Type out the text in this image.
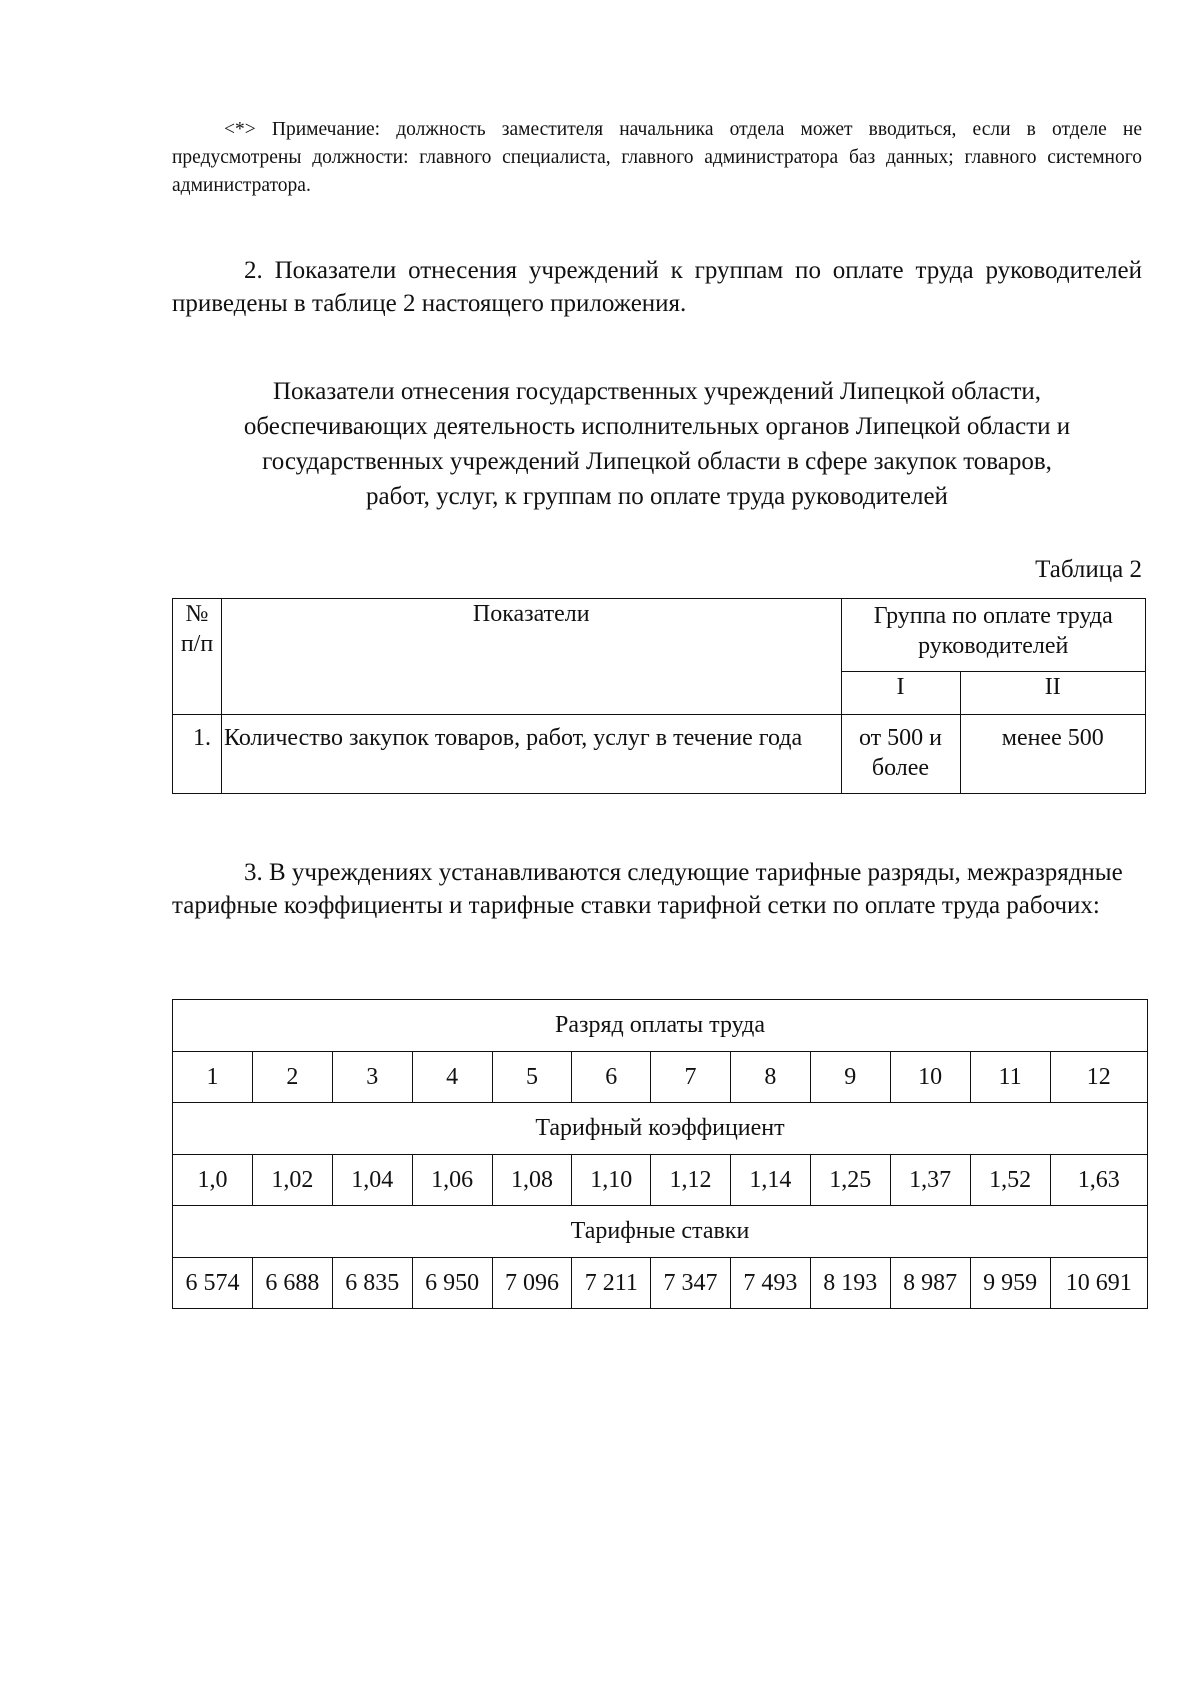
<*> Примечание: должность заместителя начальника отдела может вводиться, если в отделе не предусмотрены должности: главного специалиста, главного администратора баз данных; главного системного администратора.

2. Показатели отнесения учреждений к группам по оплате труда руководителей приведены в таблице 2 настоящего приложения.

Показатели отнесения государственных учреждений Липецкой области,
обеспечивающих деятельность исполнительных органов Липецкой области и
государственных учреждений Липецкой области в сфере закупок товаров,
работ, услуг, к группам по оплате труда руководителей
Таблица 2
№ п/п	Показатели	Группа по оплате труда руководителей	
		I	II
1.	Количество закупок товаров, работ, услуг в течение года	от 500 и более	менее 500

3. В учреждениях устанавливаются следующие тарифные разряды, межразрядные тарифные коэффициенты и тарифные ставки тарифной сетки по оплате труда рабочих:

Разряд оплаты труда											
1	2	3	4	5	6	7	8	9	10	11	12
Тарифный коэффициент											
1,0	1,02	1,04	1,06	1,08	1,10	1,12	1,14	1,25	1,37	1,52	1,63
Тарифные ставки											
6 574	6 688	6 835	6 950	7 096	7 211	7 347	7 493	8 193	8 987	9 959	10 691
